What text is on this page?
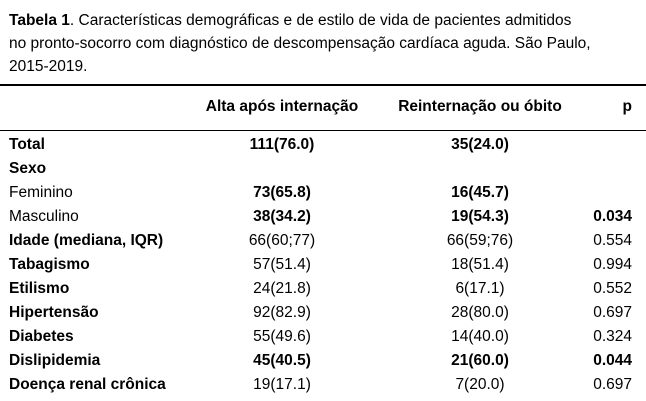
Tabela 1. Características demográficas e de estilo de vida de pacientes admitidos
no pronto-socorro com diagnóstico de descompensação cardíaca aguda. São Paulo,
2015-2019.
Alta após internação	Reinternação ou óbito	p
Total	111(76.0)	35(24.0)
Sexo
Feminino	73(65.8)	16(45.7)
Masculino	38(34.2)	19(54.3)	0.034
Idade (mediana, IQR)	66(60;77)	66(59;76)	0.554
Tabagismo	57(51.4)	18(51.4)	0.994
Etilismo	24(21.8)	6(17.1)	0.552
Hipertensão	92(82.9)	28(80.0)	0.697
Diabetes	55(49.6)	14(40.0)	0.324
Dislipidemia	45(40.5)	21(60.0)	0.044
Doença renal crônica	19(17.1)	7(20.0)	0.697
